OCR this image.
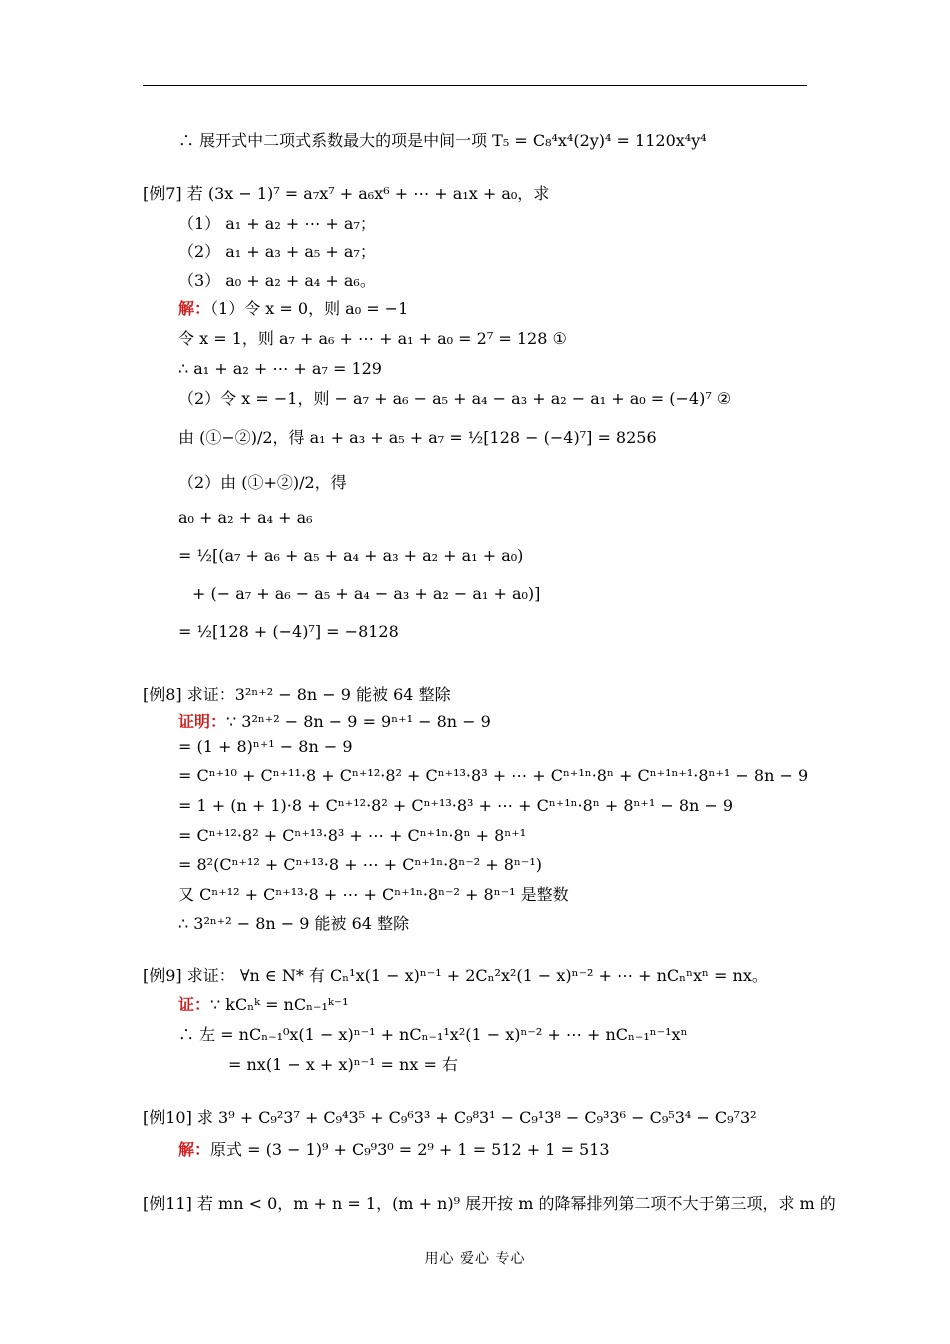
∴ 展开式中二项式系数最大的项是中间一项 T₅ = C₈⁴x⁴(2y)⁴ = 1120x⁴y⁴
[例7] 若 (3x − 1)⁷ = a₇x⁷ + a₆x⁶ + ⋯ + a₁x + a₀，求
（1） a₁ + a₂ + ⋯ + a₇；
（2） a₁ + a₃ + a₅ + a₇；
（3） a₀ + a₂ + a₄ + a₆。
解：（1）令 x = 0，则 a₀ = −1
令 x = 1，则 a₇ + a₆ + ⋯ + a₁ + a₀ = 2⁷ = 128 ①
∴ a₁ + a₂ + ⋯ + a₇ = 129
（2）令 x = −1，则 − a₇ + a₆ − a₅ + a₄ − a₃ + a₂ − a₁ + a₀ = (−4)⁷ ②
由 (①−②)/2，得 a₁ + a₃ + a₅ + a₇ = ½[128 − (−4)⁷] = 8256
（2）由 (①+②)/2，得
a₀ + a₂ + a₄ + a₆
= ½[(a₇ + a₆ + a₅ + a₄ + a₃ + a₂ + a₁ + a₀)
+ (− a₇ + a₆ − a₅ + a₄ − a₃ + a₂ − a₁ + a₀)]
= ½[128 + (−4)⁷] = −8128
[例8] 求证：3²ⁿ⁺² − 8n − 9 能被 64 整除
证明：∵ 3²ⁿ⁺² − 8n − 9 = 9ⁿ⁺¹ − 8n − 9
= (1 + 8)ⁿ⁺¹ − 8n − 9
= Cⁿ⁺¹⁰ + Cⁿ⁺¹¹·8 + Cⁿ⁺¹²·8² + Cⁿ⁺¹³·8³ + ⋯ + Cⁿ⁺¹ⁿ·8ⁿ + Cⁿ⁺¹ⁿ⁺¹·8ⁿ⁺¹ − 8n − 9
= 1 + (n + 1)·8 + Cⁿ⁺¹²·8² + Cⁿ⁺¹³·8³ + ⋯ + Cⁿ⁺¹ⁿ·8ⁿ + 8ⁿ⁺¹ − 8n − 9
= Cⁿ⁺¹²·8² + Cⁿ⁺¹³·8³ + ⋯ + Cⁿ⁺¹ⁿ·8ⁿ + 8ⁿ⁺¹
= 8²(Cⁿ⁺¹² + Cⁿ⁺¹³·8 + ⋯ + Cⁿ⁺¹ⁿ·8ⁿ⁻² + 8ⁿ⁻¹)
又 Cⁿ⁺¹² + Cⁿ⁺¹³·8 + ⋯ + Cⁿ⁺¹ⁿ·8ⁿ⁻² + 8ⁿ⁻¹ 是整数
∴ 3²ⁿ⁺² − 8n − 9 能被 64 整除
[例9] 求证： ∀n ∈ N* 有 Cₙ¹x(1 − x)ⁿ⁻¹ + 2Cₙ²x²(1 − x)ⁿ⁻² + ⋯ + nCₙⁿxⁿ = nx。
证：∵ kCₙᵏ = nCₙ₋₁ᵏ⁻¹
∴ 左 = nCₙ₋₁⁰x(1 − x)ⁿ⁻¹ + nCₙ₋₁¹x²(1 − x)ⁿ⁻² + ⋯ + nCₙ₋₁ⁿ⁻¹xⁿ
= nx(1 − x + x)ⁿ⁻¹ = nx = 右
[例10] 求 3⁹ + C₉²3⁷ + C₉⁴3⁵ + C₉⁶3³ + C₉⁸3¹ − C₉¹3⁸ − C₉³3⁶ − C₉⁵3⁴ − C₉⁷3²
解：原式 = (3 − 1)⁹ + C₉⁹3⁰ = 2⁹ + 1 = 512 + 1 = 513
[例11] 若 mn < 0，m + n = 1，(m + n)⁹ 展开按 m 的降幂排列第二项不大于第三项，求 m 的
用心 爱心 专心
